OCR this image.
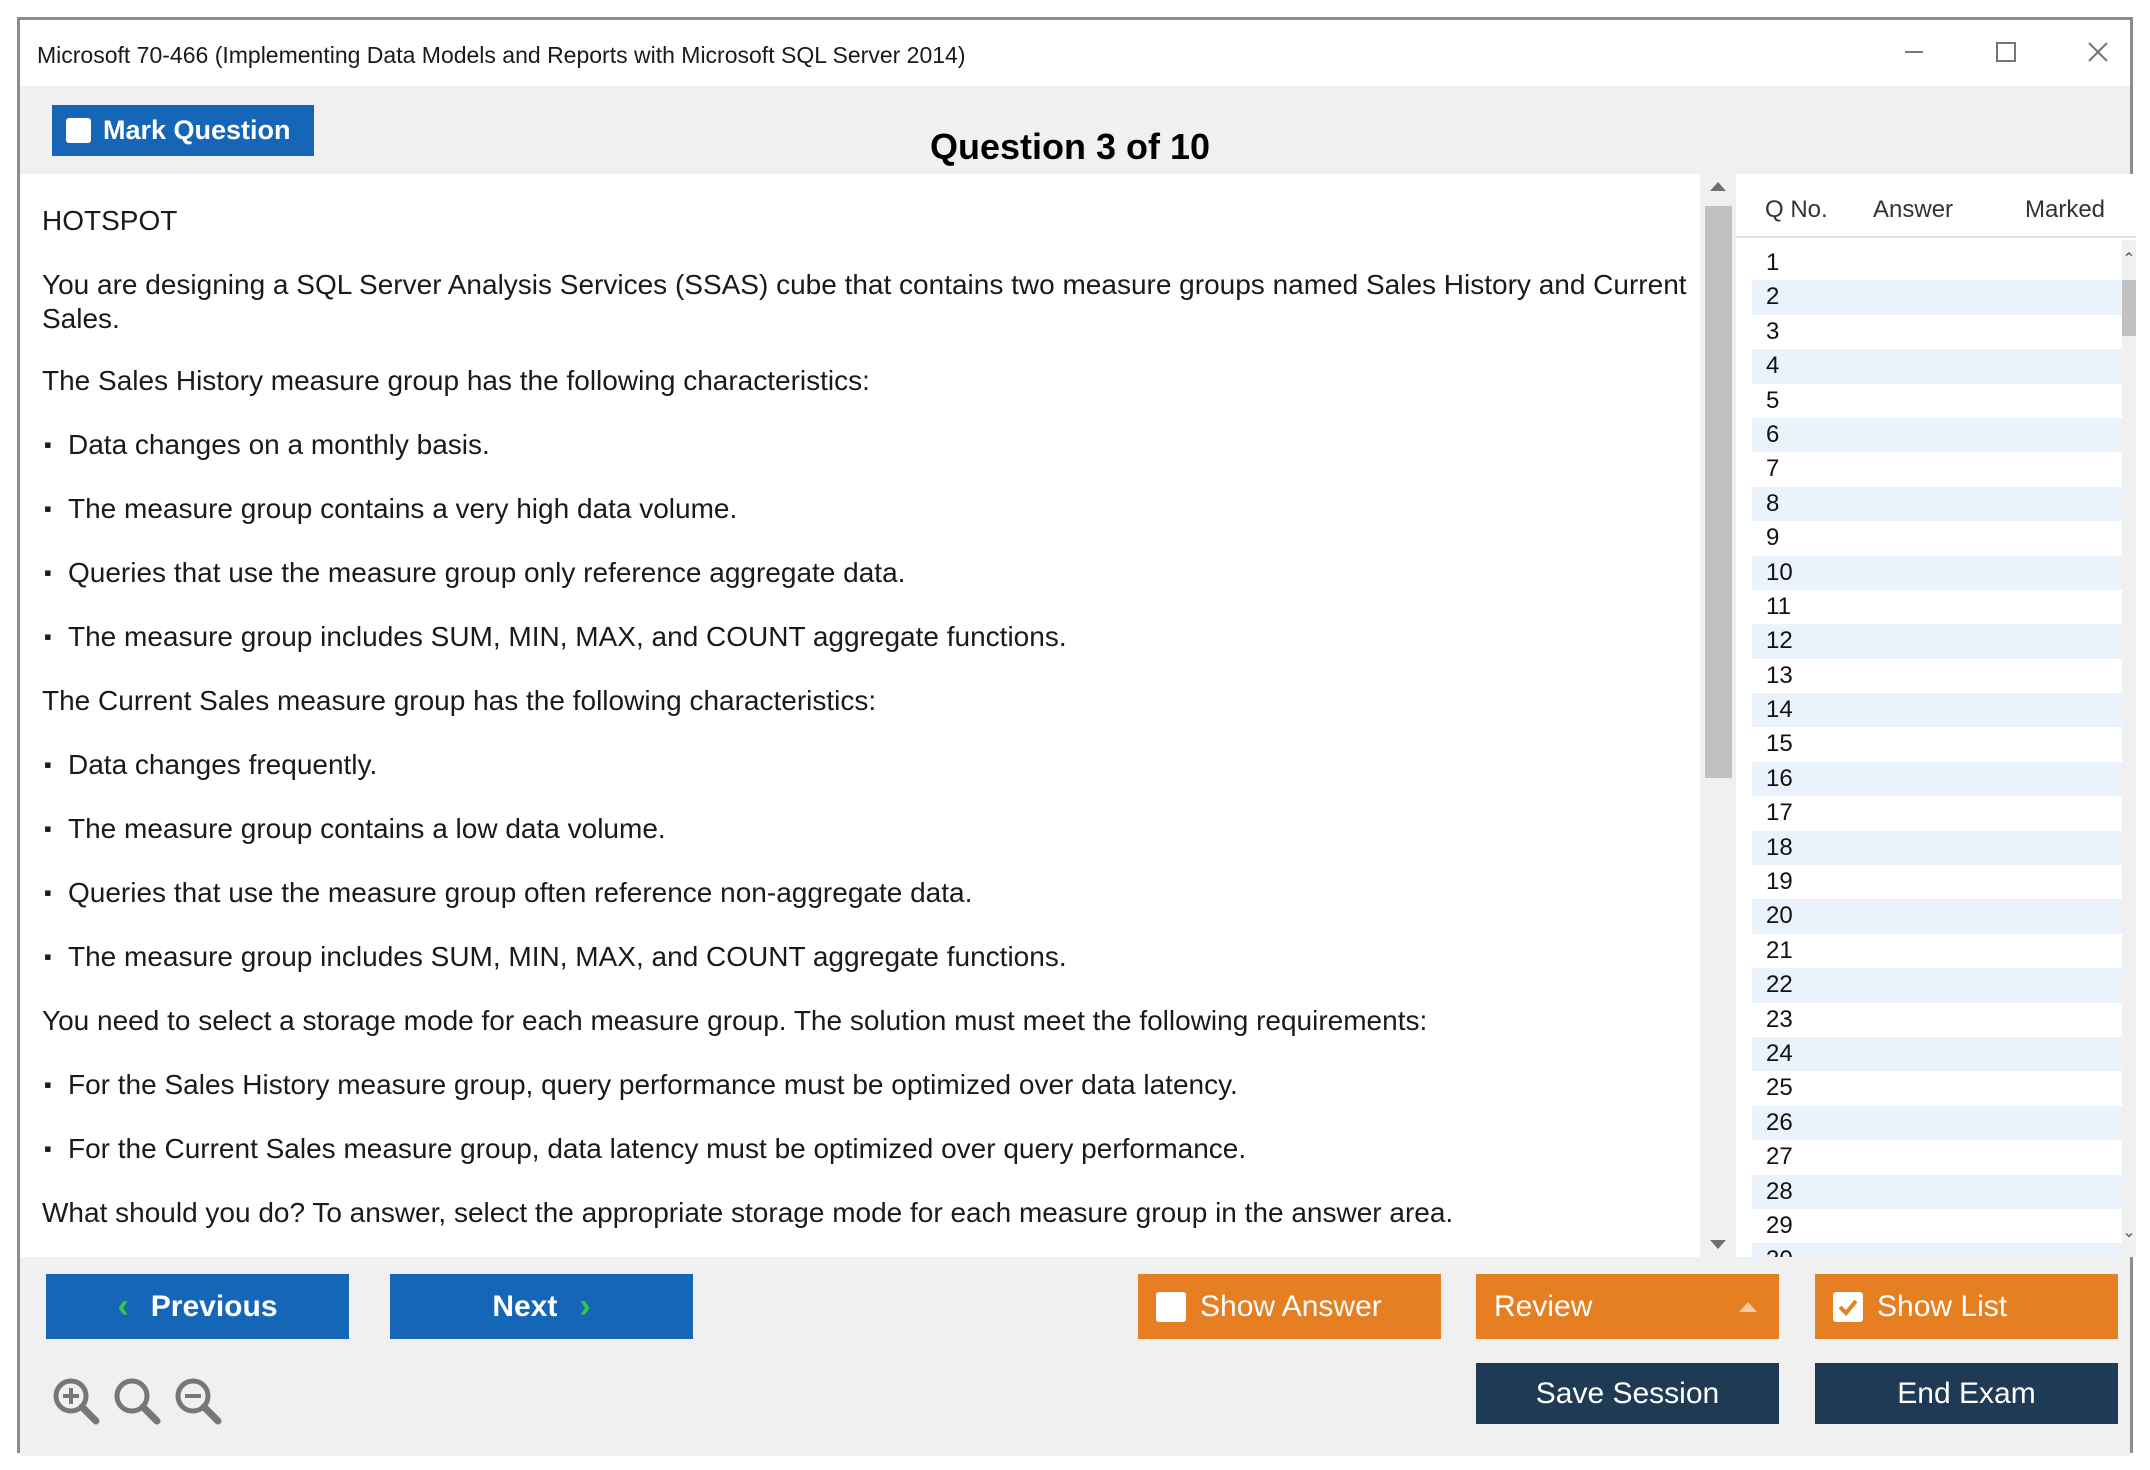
Microsoft 70-466 (Implementing Data Models and Reports with Microsoft SQL Server 2014)
Mark Question	Question 3 of 10

HOTSPOT

You are designing a SQL Server Analysis Services (SSAS) cube that contains two measure groups named Sales History and Current Sales.

The Sales History measure group has the following characteristics:

▪ Data changes on a monthly basis.

▪ The measure group contains a very high data volume.

▪ Queries that use the measure group only reference aggregate data.

▪ The measure group includes SUM, MIN, MAX, and COUNT aggregate functions.

The Current Sales measure group has the following characteristics:

▪ Data changes frequently.

▪ The measure group contains a low data volume.

▪ Queries that use the measure group often reference non-aggregate data.

▪ The measure group includes SUM, MIN, MAX, and COUNT aggregate functions.

You need to select a storage mode for each measure group. The solution must meet the following requirements:

▪ For the Sales History measure group, query performance must be optimized over data latency.

▪ For the Current Sales measure group, data latency must be optimized over query performance.

What should you do? To answer, select the appropriate storage mode for each measure group in the answer area.

Q No. Answer	Marked
1
2
3
4
5
6
7
8
9
10
11
12
13
14
15
16
17
18
19
20
21
22
23
24
25
26
27
28
29
⌃
⌄
‹ Previous	Next ›	Show Answer	Review	Show List
Save Session	End Exam
